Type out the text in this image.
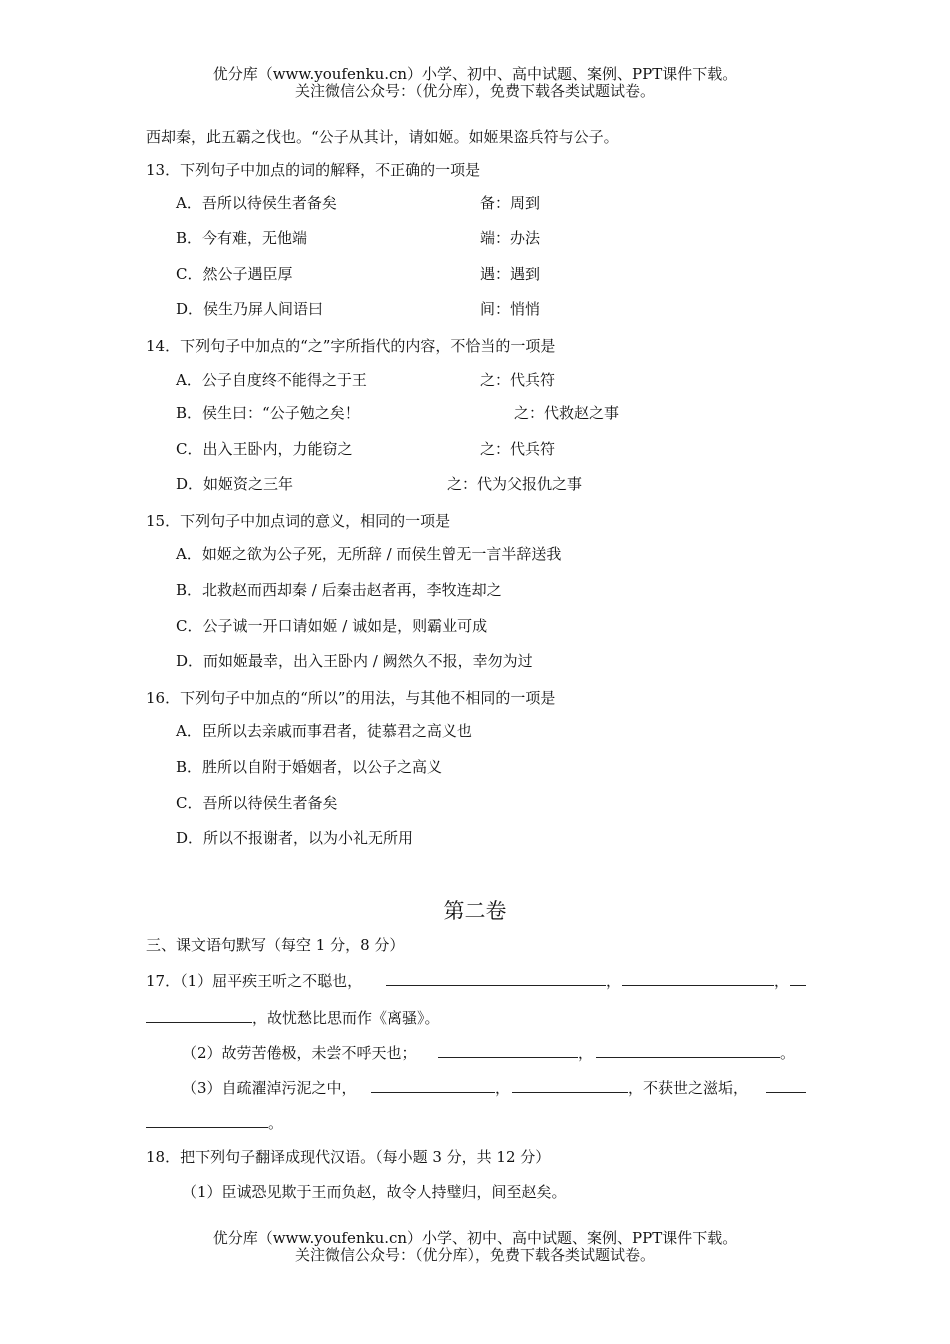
优分库（www.youfenku.cn）小学、初中、高中试题、案例、PPT课件下载。
关注微信公众号：（优分库），免费下载各类试题试卷。
西却秦，此五霸之伐也。“公子从其计，请如姬。如姬果盗兵符与公子。
13．下列句子中加点的词的解释，不正确的一项是
A．吾所以待侯生者备矣	备：周到
B．今有难，无他端	端：办法
C．然公子遇臣厚	遇：遇到
D．侯生乃屏人间语曰	间：悄悄
14．下列句子中加点的“之”字所指代的内容，不恰当的一项是
A．公子自度终不能得之于王	之：代兵符
B．侯生曰：“公子勉之矣！	之：代救赵之事
C．出入王卧内，力能窃之	之：代兵符
D．如姬资之三年	之：代为父报仇之事
15．下列句子中加点词的意义，相同的一项是
A．如姬之欲为公子死，无所辞 / 而侯生曾无一言半辞送我
B．北救赵而西却秦 / 后秦击赵者再，李牧连却之
C．公子诚一开口请如姬 / 诚如是，则霸业可成
D．而如姬最幸，出入王卧内 / 阙然久不报，幸勿为过
16．下列句子中加点的“所以”的用法，与其他不相同的一项是
A．臣所以去亲戚而事君者，徒慕君之高义也
B．胜所以自附于婚姻者，以公子之高义
C．吾所以待侯生者备矣
D．所以不报谢者，以为小礼无所用
第二卷
三、课文语句默写（每空 1 分，8 分）
17．（1）屈平疾王听之不聪也，	，	，
，故忧愁比思而作《离骚》。
（2）故劳苦倦极，未尝不呼天也；	，	。
（3）自疏濯淖污泥之中，	，	，不获世之滋垢，
。
18．把下列句子翻译成现代汉语。（每小题 3 分，共 12 分）
（1）臣诚恐见欺于王而负赵，故令人持璧归，间至赵矣。
优分库（www.youfenku.cn）小学、初中、高中试题、案例、PPT课件下载。
关注微信公众号：（优分库），免费下载各类试题试卷。
